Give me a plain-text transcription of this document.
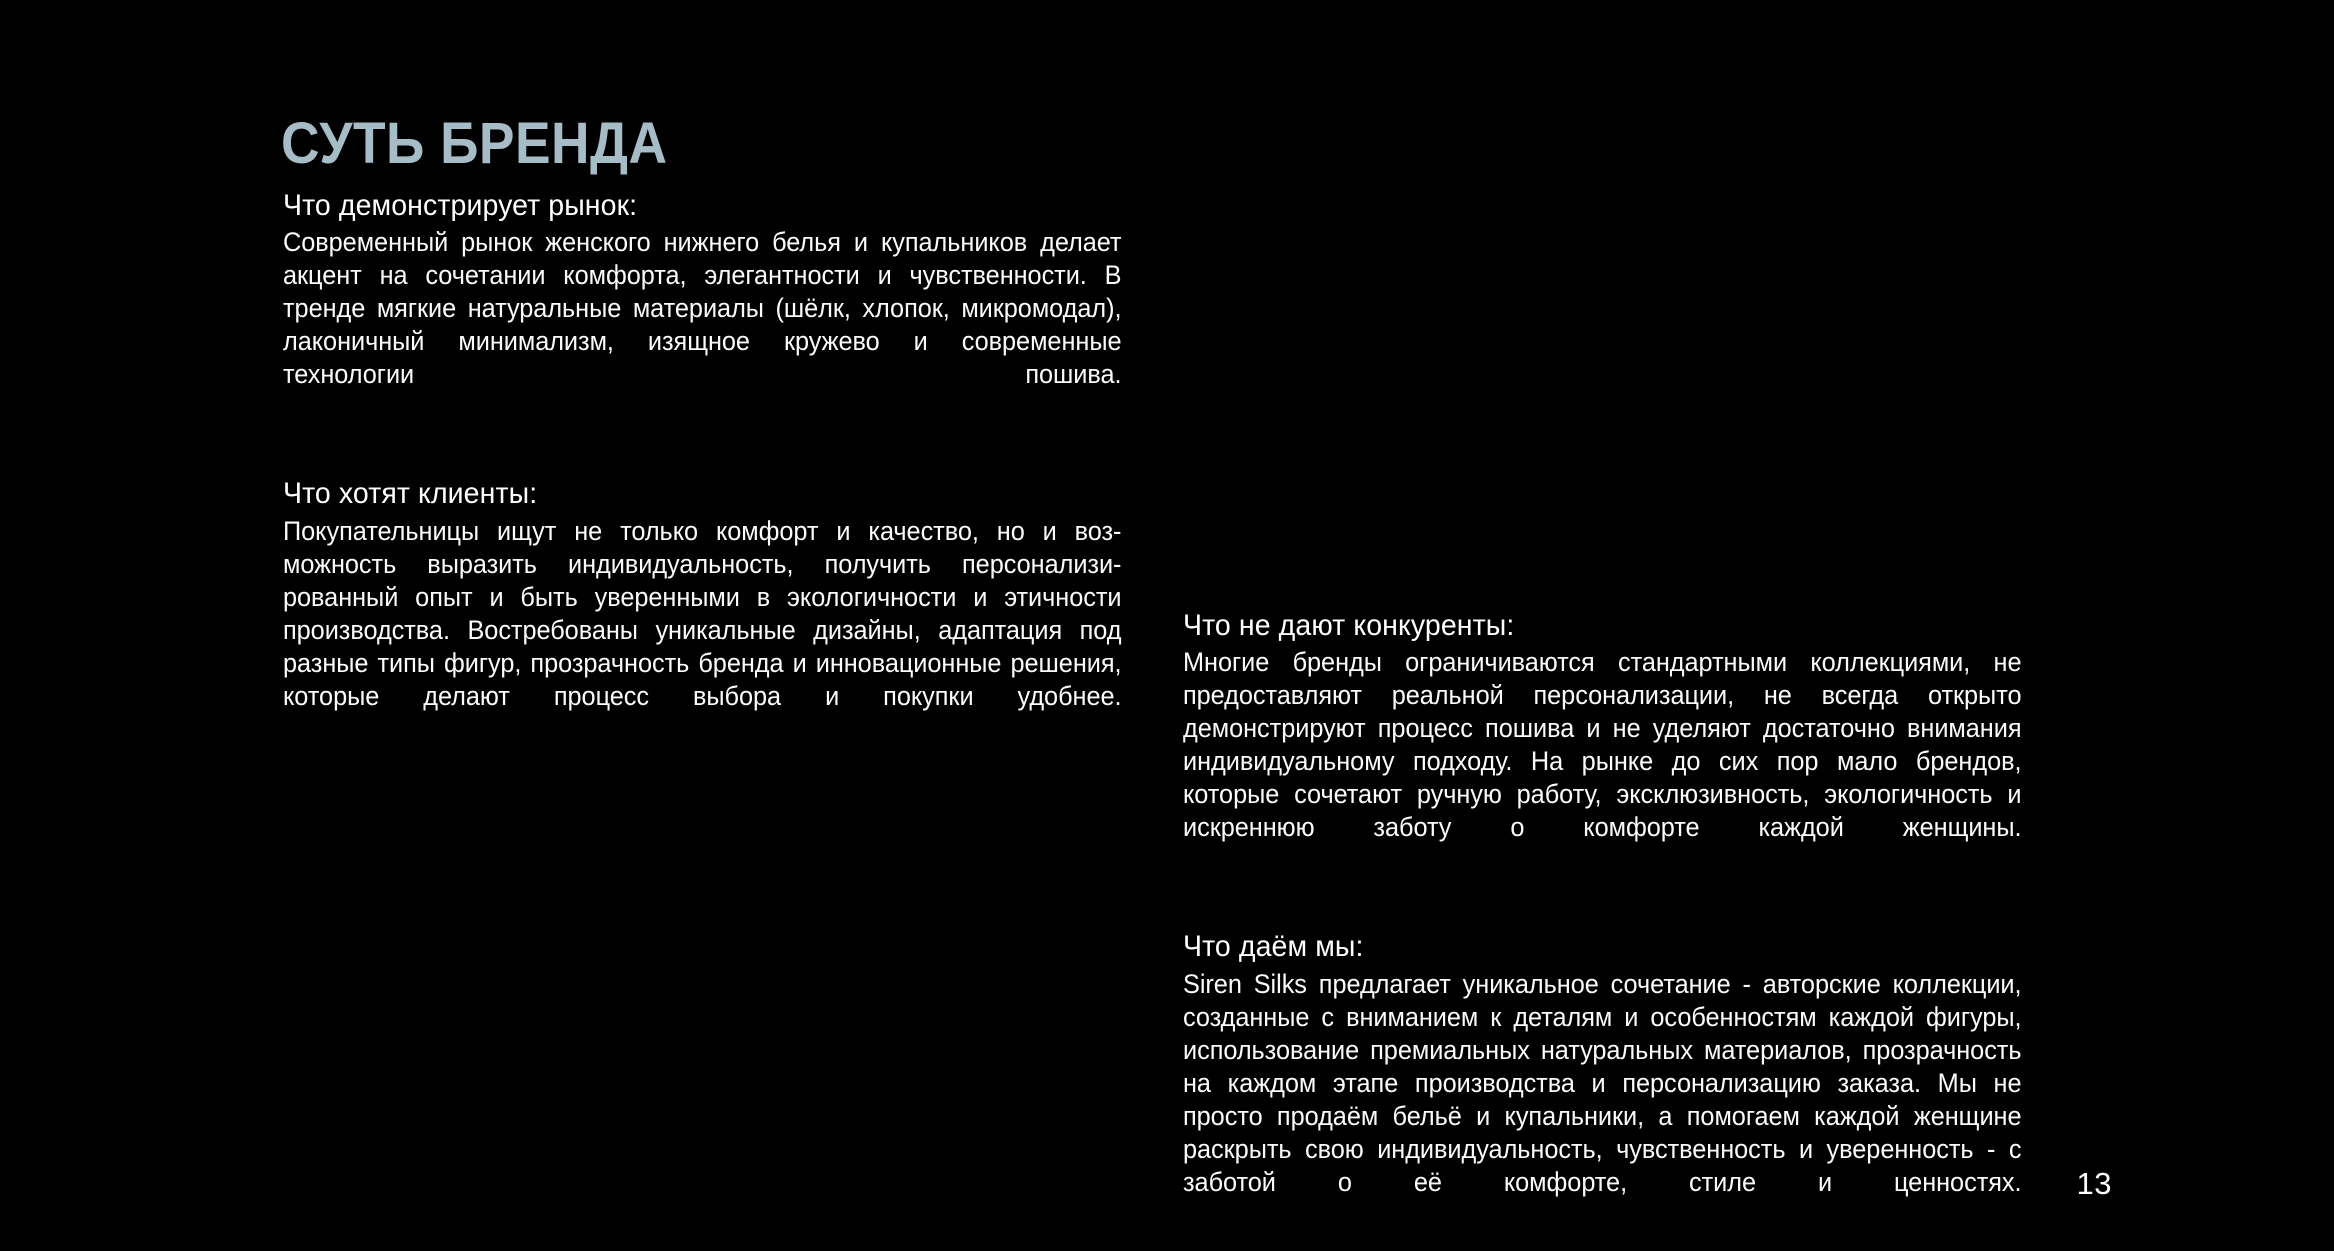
СУТЬ БРЕНДА
Что демонстрирует рынок:

Современный рынок женского нижнего белья и купальников делает акцент на сочетании комфорта, элегантности и чувственности. В тренде мягкие натуральные материалы (шёлк, хлопок, микромодал), лаконичный минимализм, изящное кружево и современные технологии пошива.

Что хотят клиенты:

Покупательницы ищут не только комфорт и качество, но и возможность выразить индивидуальность, получить персонализированный опыт и быть уверенными в экологичности и этичности производства. Востребованы уникальные дизайны, адаптация под разные типы фигур, прозрачность бренда и инновационные решения, которые делают процесс выбора и покупки удобнее.

Что не дают конкуренты:

Многие бренды ограничиваются стандартными коллекциями, не предоставляют реальной персонализации, не всегда открыто демонстрируют процесс пошива и не уделяют достаточно внимания индивидуальному подходу. На рынке до сих пор мало брендов, которые сочетают ручную работу, эксклюзивность, экологичность и искреннюю заботу о комфорте каждой женщины.

Что даём мы:

Siren Silks предлагает уникальное сочетание - авторские коллекции, созданные с вниманием к деталям и особенностям каждой фигуры, использование премиальных натуральных материалов, прозрачность на каждом этапе производства и персонализацию заказа. Мы не просто продаём бельё и купальники, а помогаем каждой женщине раскрыть свою индивидуальность, чувственность и уверенность - с заботой о её комфорте, стиле и ценностях. 13
